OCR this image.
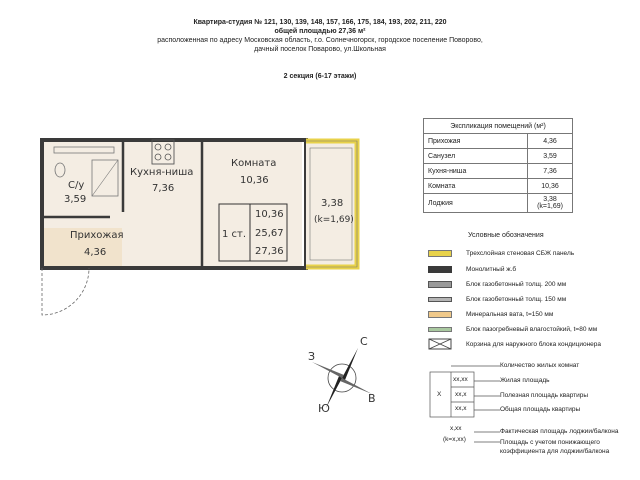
Квартира-студия № 121, 130, 139, 148, 157, 166, 175, 184, 193, 202, 211, 220
общей площадью 27,36 м²
расположенная по адресу Московская область, г.о. Солнечногорск, городское поселение Поворово,
дачный поселок Поварово, ул.Школьная
2 секция (6-17 этажи)
С/у
3,59
Кухня-ниша
7,36
Комната
10,36
Прихожая
4,36
3,38
(k=1,69)
1 ст.
10,36
25,67
27,36
С
Ю
В
З
Экспликация помещений (м²)	
Прихожая	4,36
Санузел	3,59
Кухня-ниша	7,36
Комната	10,36
Лоджия	3,38
(k=1,69)
Условные обозначения
Трехслойная стеновая СБЖ панель
Монолитный ж.б
Блок газобетонный толщ. 200 мм
Блок газобетонный толщ. 150 мм
Минеральная вата, t=150 мм
Блок пазогребневый влагостойкий, t=80 мм
Корзина для наружного блока кондиционера
X
xx,xx
xx,x
xx,x
Количество жилых комнат
Жилая площадь
Полезная площадь квартиры
Общая площадь квартиры
x,xx
(k=x,xx)
Фактическая площадь лоджии/балкона
Площадь с учетом понижающего
коэффициента для лоджии/балкона
